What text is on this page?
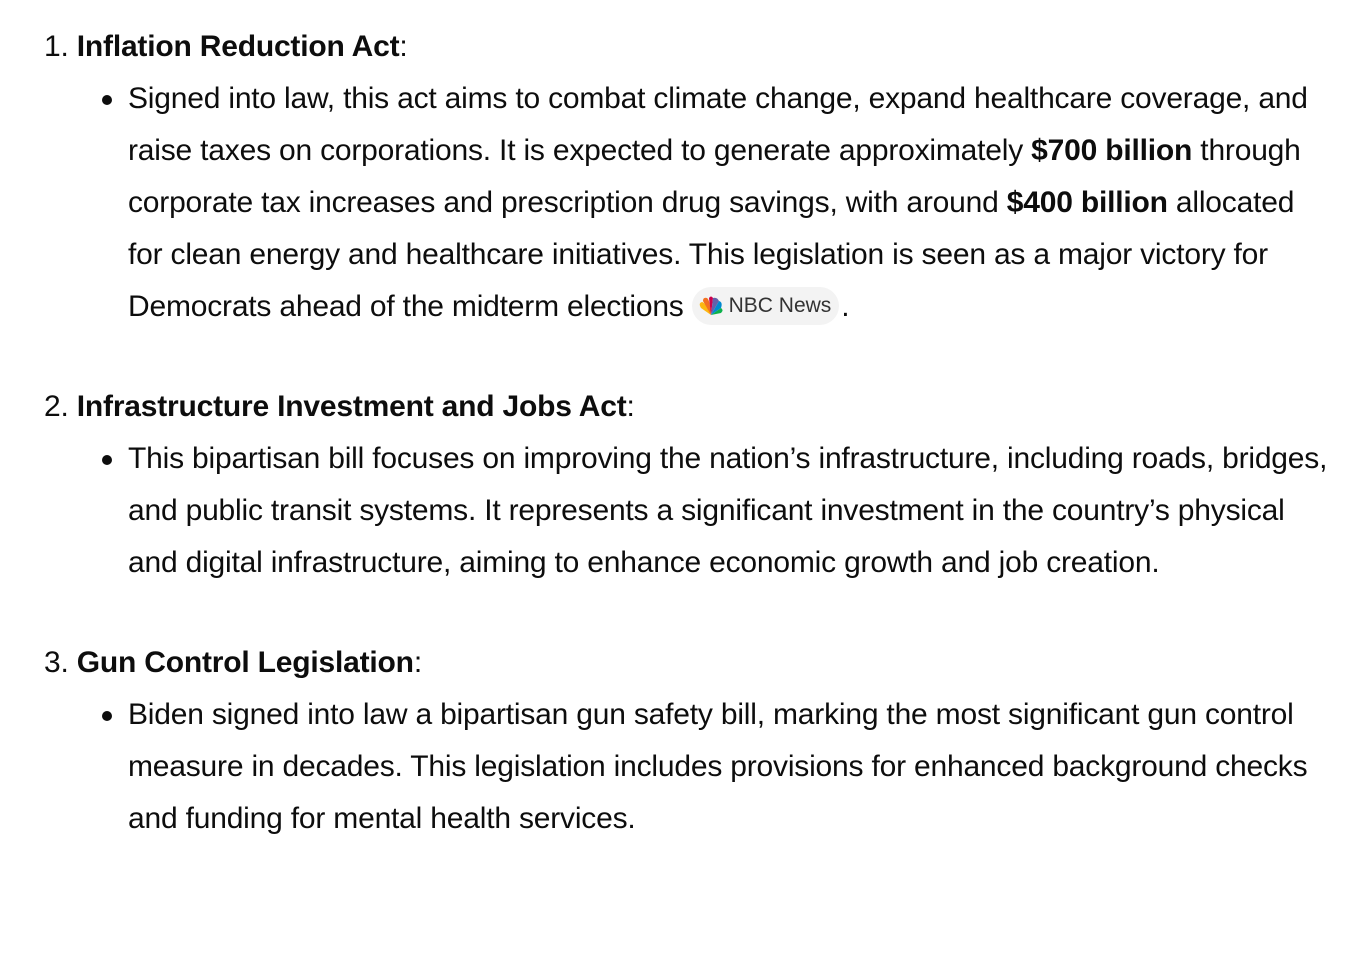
1. Inflation Reduction Act:
Signed into law, this act aims to combat climate change, expand healthcare coverage, and raise taxes on corporations. It is expected to generate approximately $700 billion through corporate tax increases and prescription drug savings, with around $400 billion allocated for clean energy and healthcare initiatives. This legislation is seen as a major victory for Democrats ahead of the midterm elections NBC News .
2. Infrastructure Investment and Jobs Act:
This bipartisan bill focuses on improving the nation’s infrastructure, including roads, bridges, and public transit systems. It represents a significant investment in the country’s physical and digital infrastructure, aiming to enhance economic growth and job creation.
3. Gun Control Legislation:
Biden signed into law a bipartisan gun safety bill, marking the most significant gun control measure in decades. This legislation includes provisions for enhanced background checks and funding for mental health services.
